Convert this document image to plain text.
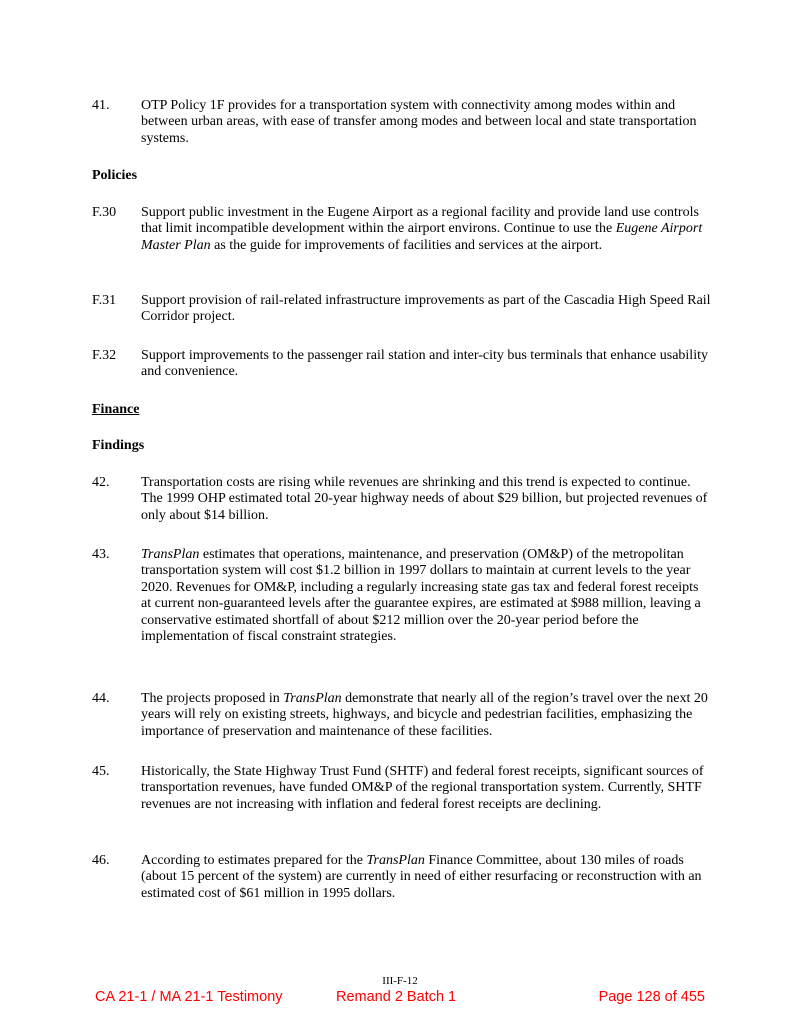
41. OTP Policy 1F provides for a transportation system with connectivity among modes within and between urban areas, with ease of transfer among modes and between local and state transportation systems.
Policies
F.30 Support public investment in the Eugene Airport as a regional facility and provide land use controls that limit incompatible development within the airport environs. Continue to use the Eugene Airport Master Plan as the guide for improvements of facilities and services at the airport.
F.31 Support provision of rail-related infrastructure improvements as part of the Cascadia High Speed Rail Corridor project.
F.32 Support improvements to the passenger rail station and inter-city bus terminals that enhance usability and convenience.
Finance
Findings
42. Transportation costs are rising while revenues are shrinking and this trend is expected to continue. The 1999 OHP estimated total 20-year highway needs of about $29 billion, but projected revenues of only about $14 billion.
43. TransPlan estimates that operations, maintenance, and preservation (OM&P) of the metropolitan transportation system will cost $1.2 billion in 1997 dollars to maintain at current levels to the year 2020. Revenues for OM&P, including a regularly increasing state gas tax and federal forest receipts at current non-guaranteed levels after the guarantee expires, are estimated at $988 million, leaving a conservative estimated shortfall of about $212 million over the 20-year period before the implementation of fiscal constraint strategies.
44. The projects proposed in TransPlan demonstrate that nearly all of the region’s travel over the next 20 years will rely on existing streets, highways, and bicycle and pedestrian facilities, emphasizing the importance of preservation and maintenance of these facilities.
45. Historically, the State Highway Trust Fund (SHTF) and federal forest receipts, significant sources of transportation revenues, have funded OM&P of the regional transportation system. Currently, SHTF revenues are not increasing with inflation and federal forest receipts are declining.
46. According to estimates prepared for the TransPlan Finance Committee, about 130 miles of roads (about 15 percent of the system) are currently in need of either resurfacing or reconstruction with an estimated cost of $61 million in 1995 dollars.
III-F-12
CA 21-1 / MA 21-1 Testimony	Remand 2 Batch 1	Page 128 of 455
